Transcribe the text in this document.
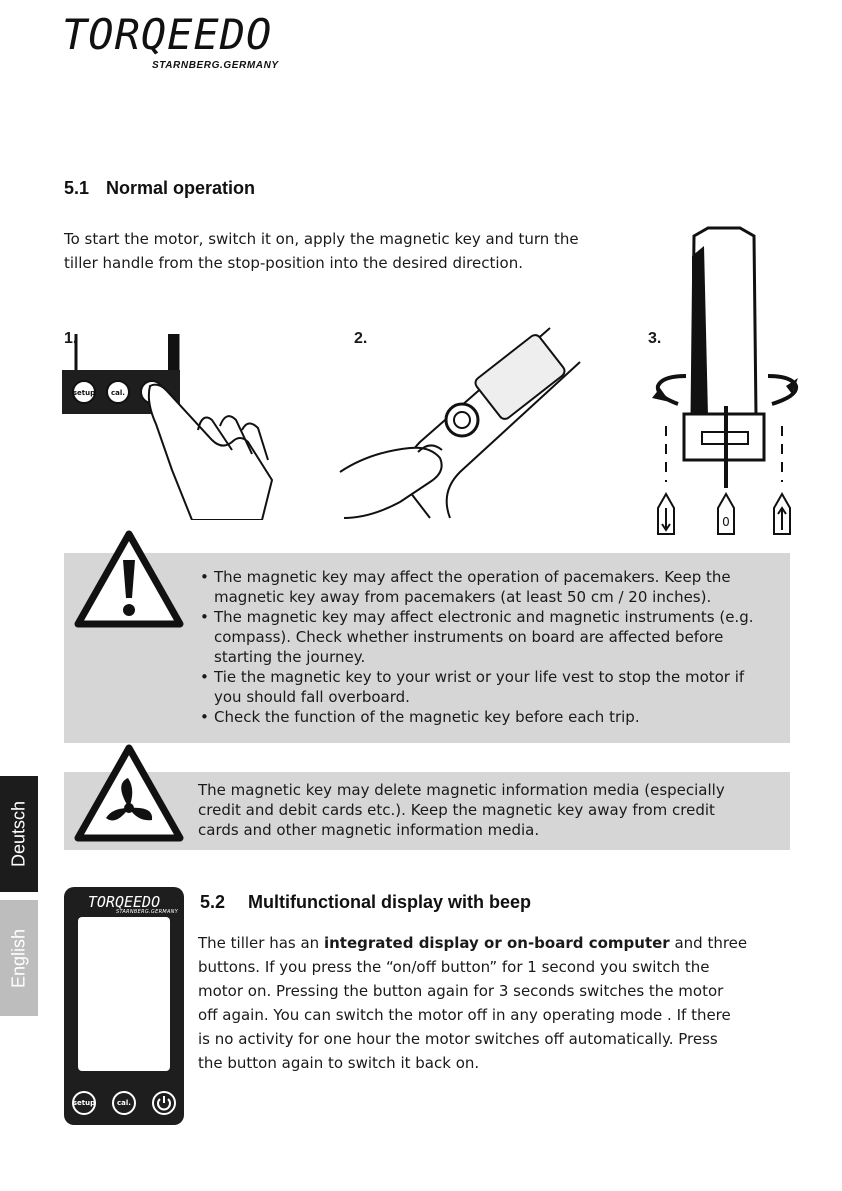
TORQEEDO
STARNBERG.GERMANY
5.1 Normal operation
To start the motor, switch it on, apply the magnetic key and turn the
tiller handle from the stop-position into the desired direction.
1.	2.	3.
setup cal.
0
• The magnetic key may affect the operation of pacemakers. Keep the
magnetic key away from pacemakers (at least 50 cm / 20 inches).
• The magnetic key may affect electronic and magnetic instruments (e.g.
compass). Check whether instruments on board are affected before
starting the journey.
• Tie the magnetic key to your wrist or your life vest to stop the motor if
you should fall overboard.
• Check the function of the magnetic key before each trip.
The magnetic key may delete magnetic information media (especially
credit and debit cards etc.). Keep the magnetic key away from credit
cards and other magnetic information media.
Deutsch
English
TORQEEDO
STARNBERG.GERMANY
setup	cal.
5.2 Multifunctional display with beep
The tiller has an integrated display or on-board computer and three
buttons. If you press the “on/off button” for 1 second you switch the
motor on. Pressing the button again for 3 seconds switches the motor
off again. You can switch the motor off in any operating mode . If there
is no activity for one hour the motor switches off automatically. Press
the button again to switch it back on.
